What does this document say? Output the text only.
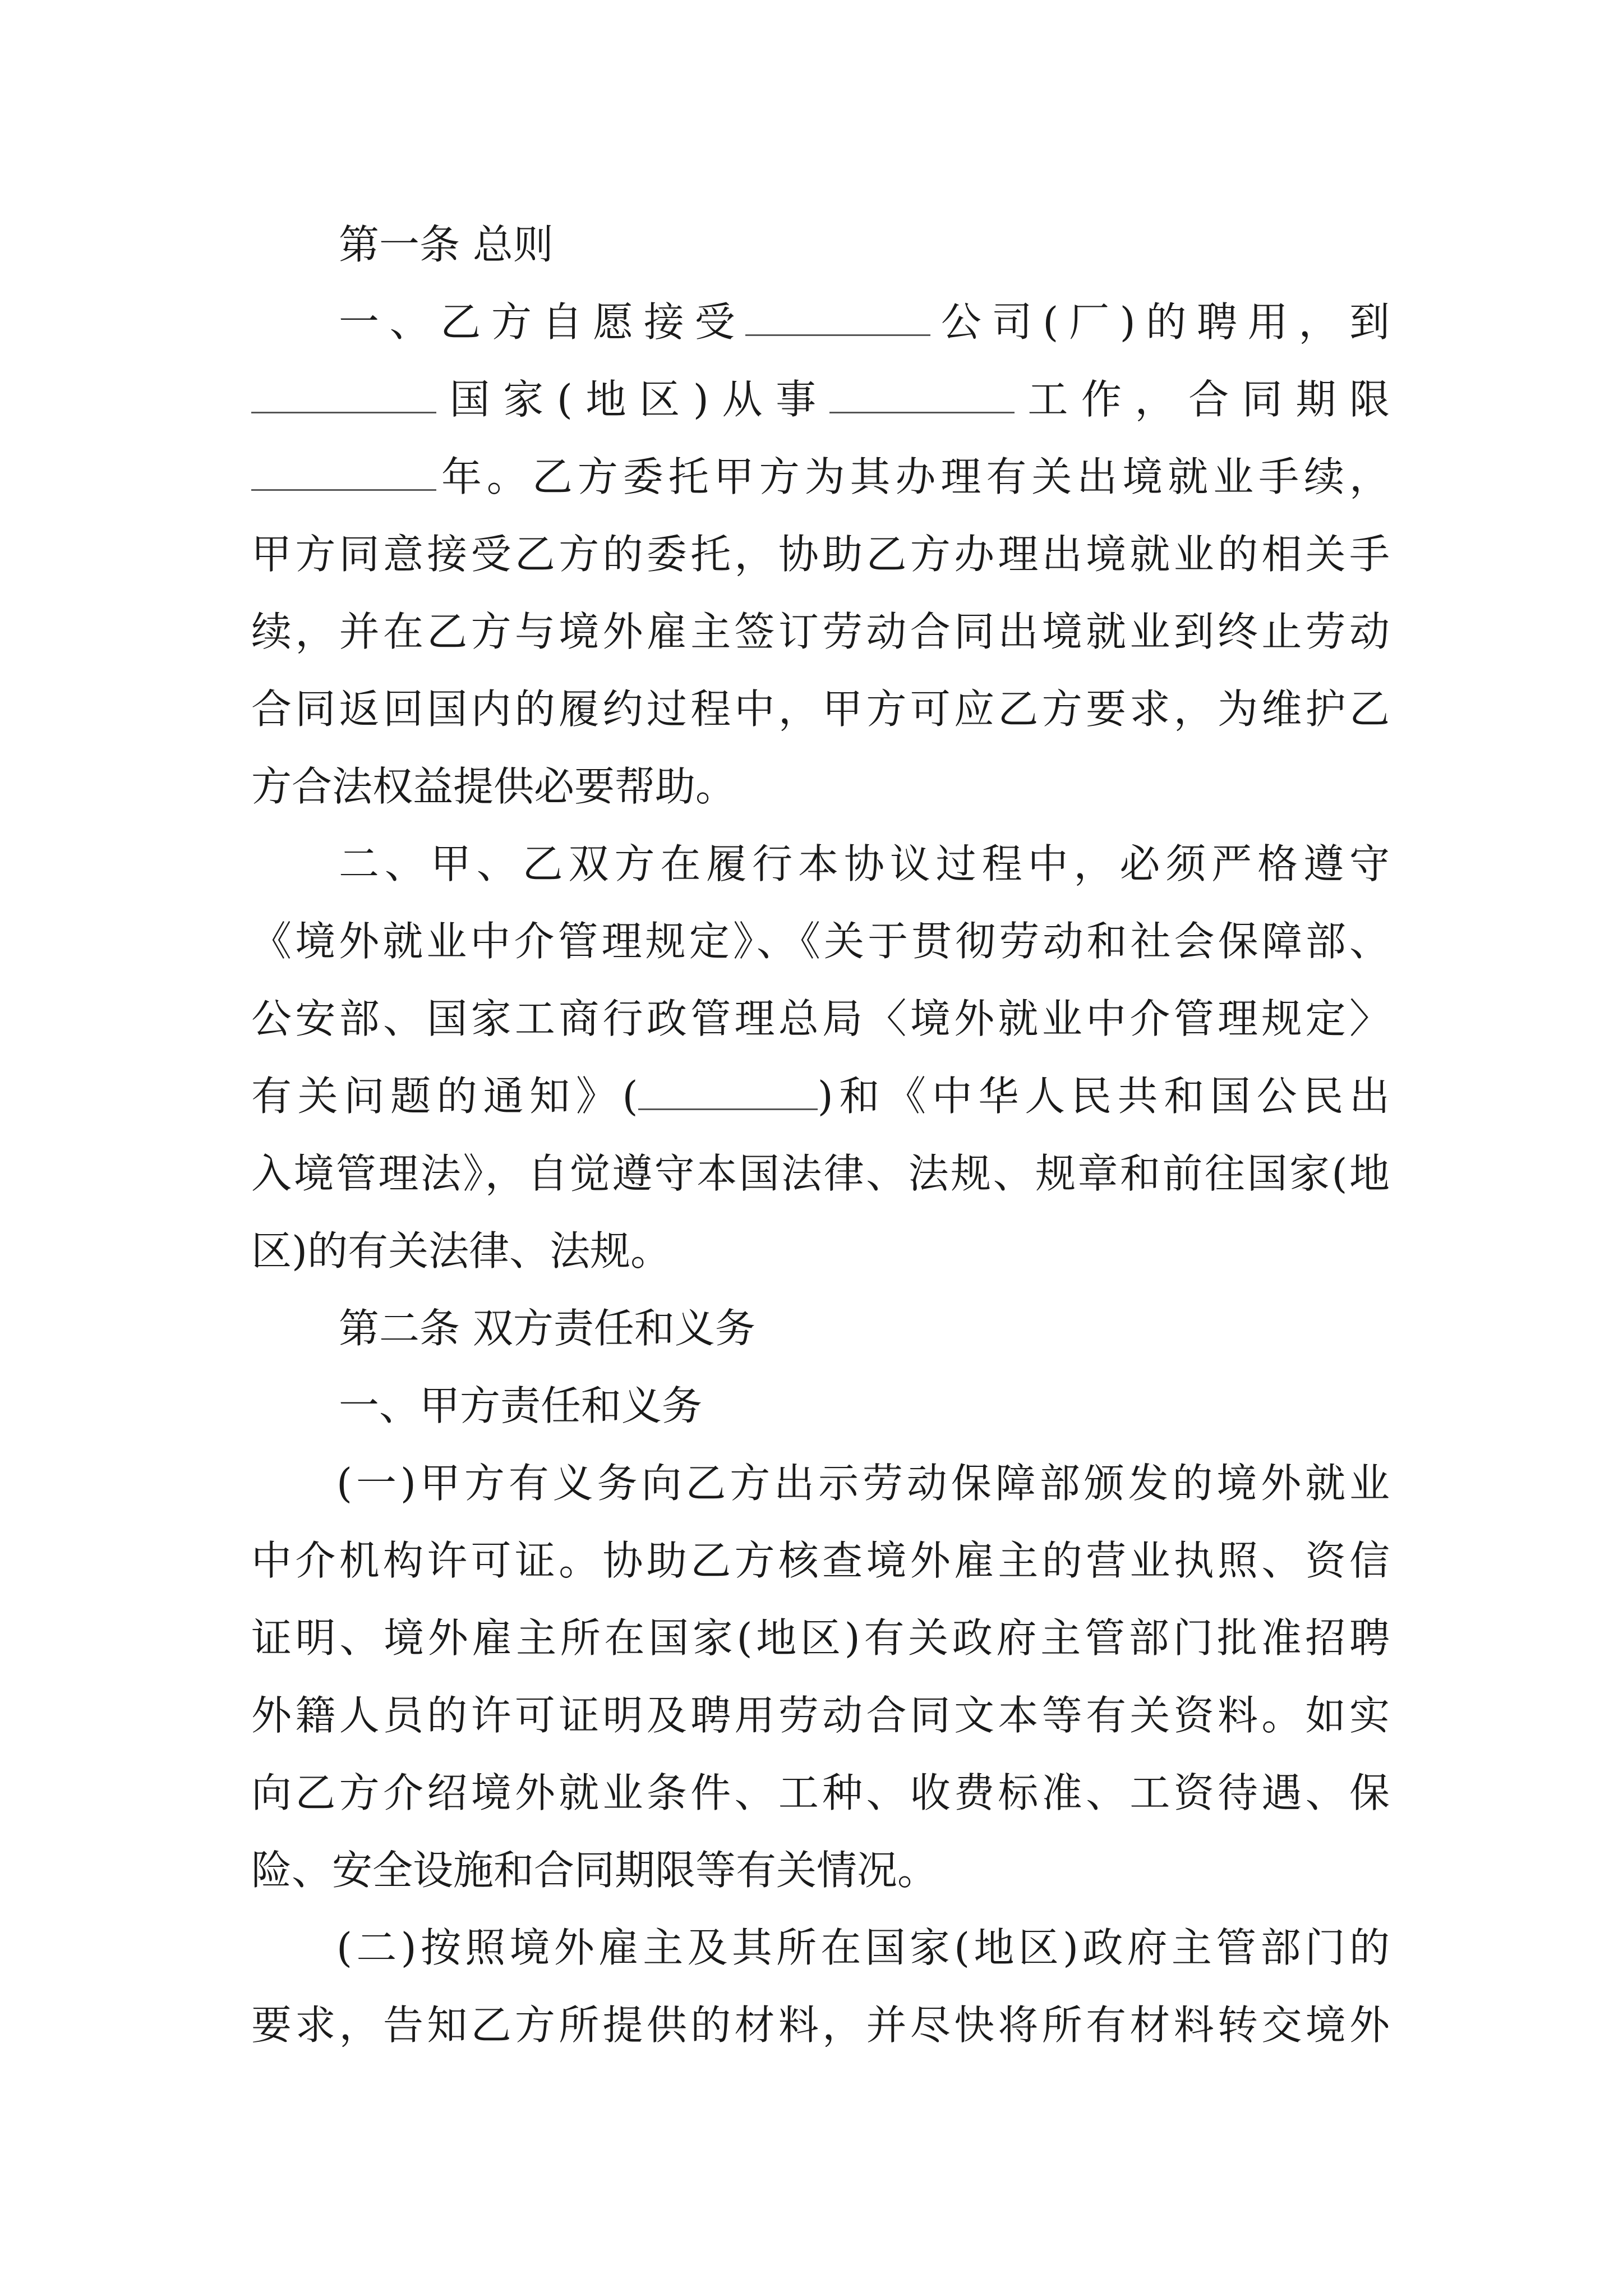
第一条 总则
一、乙方自愿接受	公司(厂)的聘用，到
国家(地区)从事	工作，合同期限
年。乙方委托甲方为其办理有关出境就业手续，
甲方同意接受乙方的委托，协助乙方办理出境就业的相关手
续，并在乙方与境外雇主签订劳动合同出境就业到终止劳动
合同返回国内的履约过程中，甲方可应乙方要求，为维护乙
方合法权益提供必要帮助。
二、甲、乙双方在履行本协议过程中，必须严格遵守
《境外就业中介管理规定》、《关于贯彻劳动和社会保障部、
公安部、国家工商行政管理总局〈境外就业中介管理规定〉
有关问题的通知》(	)和《中华人民共和国公民出
入境管理法》，自觉遵守本国法律、法规、规章和前往国家(地
区)的有关法律、法规。
第二条 双方责任和义务
一、甲方责任和义务
(一)甲方有义务向乙方出示劳动保障部颁发的境外就业
中介机构许可证。协助乙方核查境外雇主的营业执照、资信
证明、境外雇主所在国家(地区)有关政府主管部门批准招聘
外籍人员的许可证明及聘用劳动合同文本等有关资料。如实
向乙方介绍境外就业条件、工种、收费标准、工资待遇、保
险、安全设施和合同期限等有关情况。
(二)按照境外雇主及其所在国家(地区)政府主管部门的
要求，告知乙方所提供的材料，并尽快将所有材料转交境外
